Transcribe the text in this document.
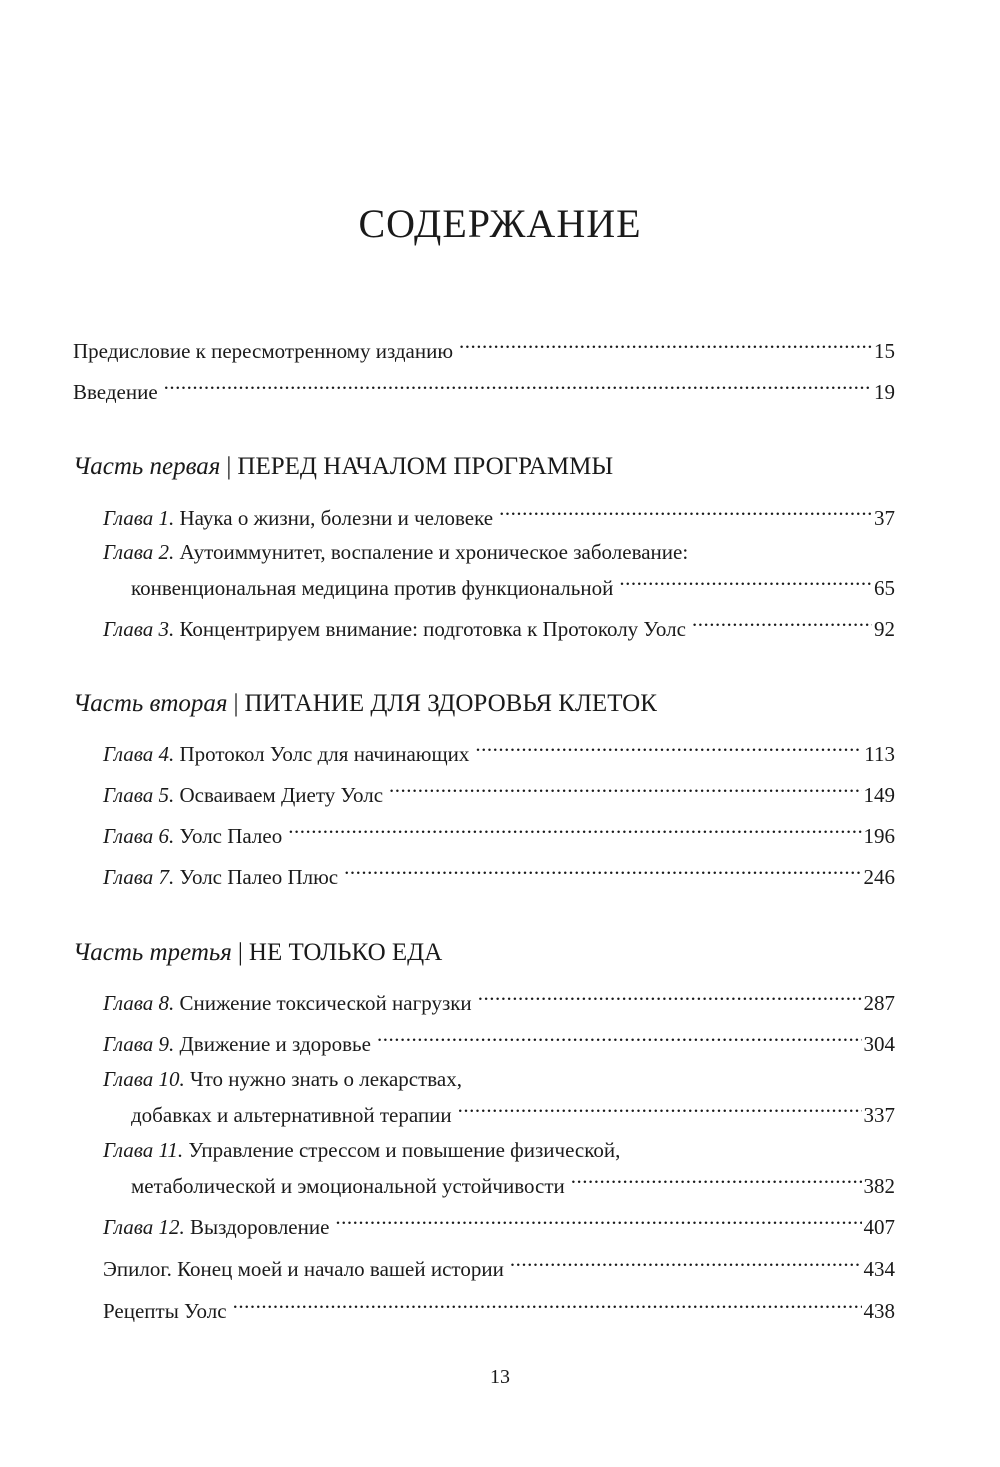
СОДЕРЖАНИЕ
Предисловие к пересмотренному изданию .....	15
Введение .....	19
Часть первая | ПЕРЕД НАЧАЛОМ ПРОГРАММЫ
Глава 1. Наука о жизни, болезни и человеке .....	37
Глава 2. Аутоиммунитет, воспаление и хроническое заболевание:
конвенциональная медицина против функциональной .....	65
Глава 3. Концентрируем внимание: подготовка к Протоколу Уолс .....	92
Часть вторая | ПИТАНИЕ ДЛЯ ЗДОРОВЬЯ КЛЕТОК
Глава 4. Протокол Уолс для начинающих .....	113
Глава 5. Осваиваем Диету Уолс .....	149
Глава 6. Уолс Палео .....	196
Глава 7. Уолс Палео Плюс .....	246
Часть третья | НЕ ТОЛЬКО ЕДА
Глава 8. Снижение токсической нагрузки .....	287
Глава 9. Движение и здоровье .....	304
Глава 10. Что нужно знать о лекарствах,
добавках и альтернативной терапии .....	337
Глава 11. Управление стрессом и повышение физической,
метаболической и эмоциональной устойчивости .....	382
Глава 12. Выздоровление .....	407
Эпилог. Конец моей и начало вашей истории .....	434
Рецепты Уолс .....	438
13
